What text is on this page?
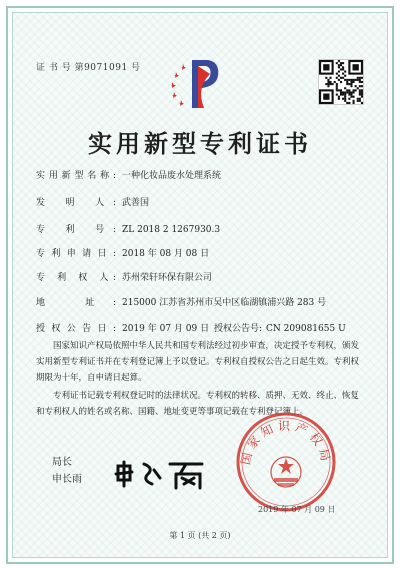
证 书 号 第9071091 号
实用新型专利证书
实用新型名称: 一种化妆品废水处理系统
发 明 人: 武善国
专 利 号: ZL 2018 2 1267930.3
专利申请日: 2018 年 08 月 08 日
专 利 权 人: 苏州荣轩环保有限公司
地 址: 215000 江苏省苏州市吴中区临湖镇浦兴路 283 号
授权公告日: 2019 年 07 月 09 日 授权公告号: CN 209081655 U
国家知识产权局依照中华人民共和国专利法经过初步审查，决定授予专利权，颁发实用新型专利证书并在专利登记簿上予以登记。专利权自授权公告之日起生效。专利权期限为十年，自申请日起算。
专利证书记载专利权登记时的法律状况。专利权的转移、质押、无效、终止、恢复和专利权人的姓名或名称、国籍、地址变更等事项记载在专利登记簿上。
国家知识产权局
2019 年 07 月 09 日
局长
申长雨
第 1 页 (共 2 页)
